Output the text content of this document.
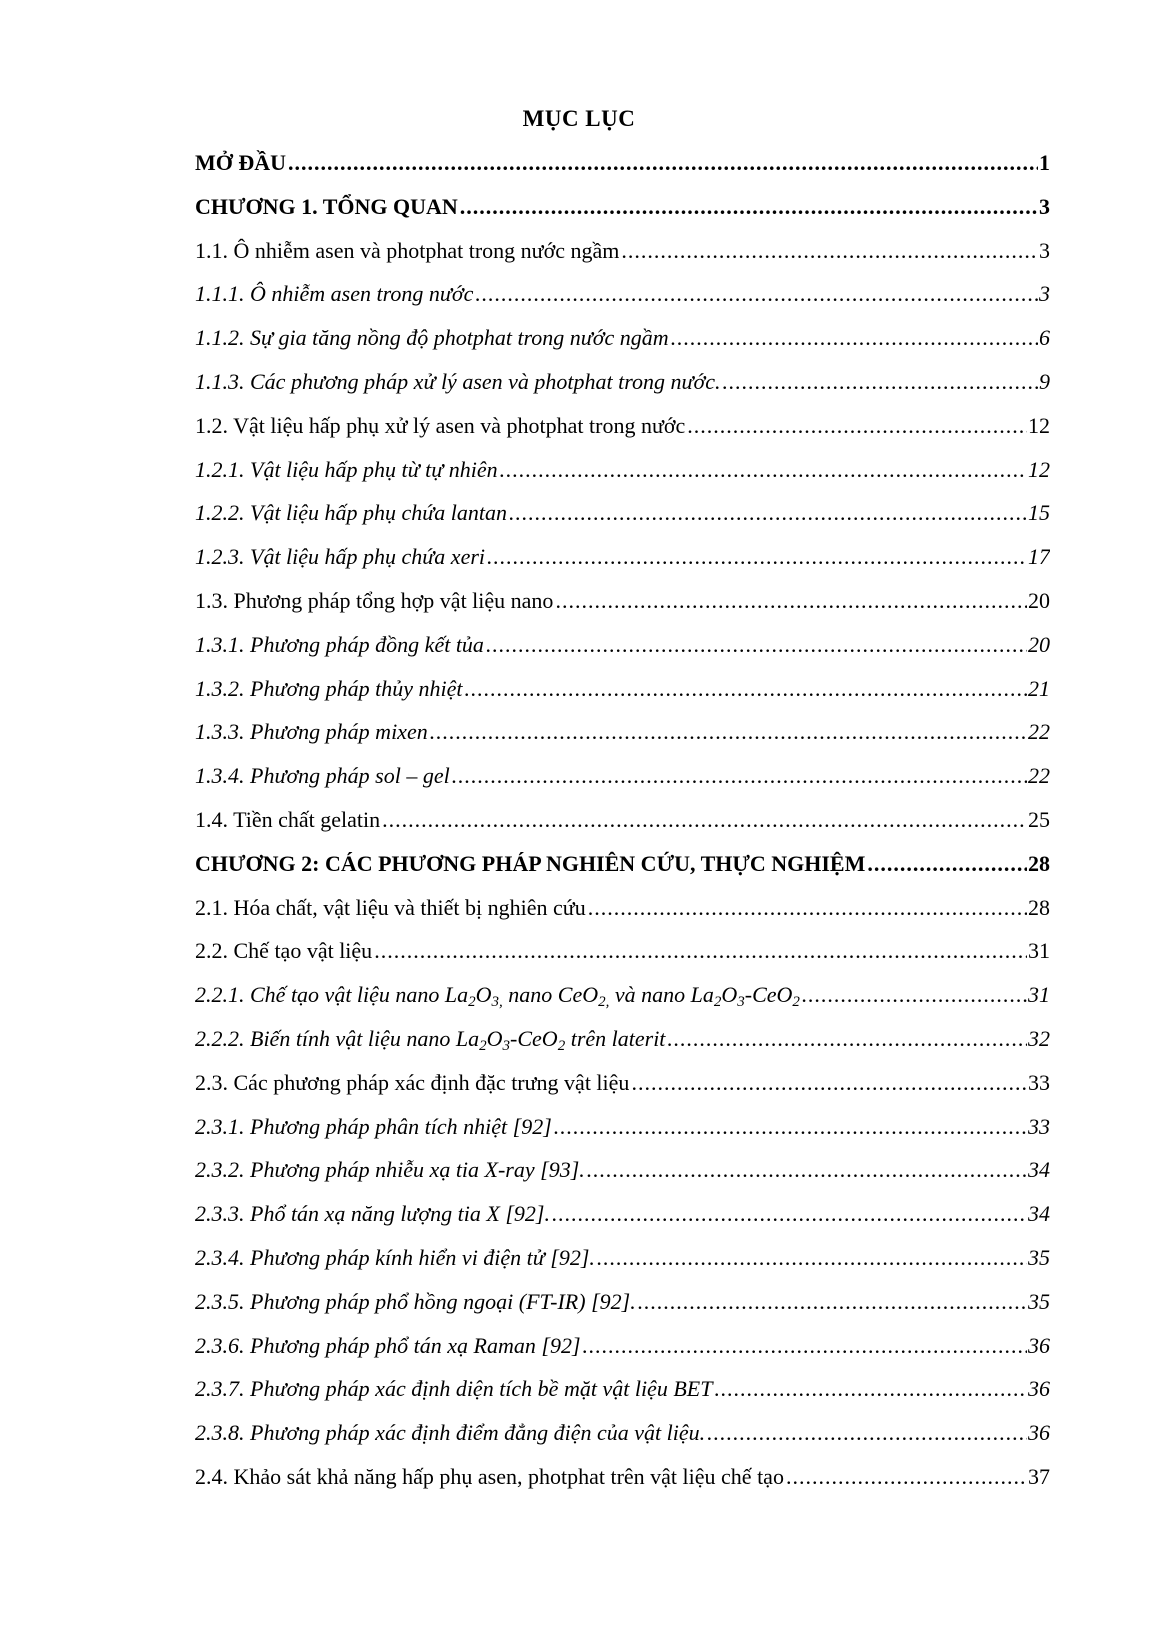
MỤC LỤC
MỞ ĐẦU .....	1
CHƯƠNG 1. TỔNG QUAN .....	3
1.1. Ô nhiễm asen và photphat trong nước ngầm .....	3
1.1.1. Ô nhiễm asen trong nước .....	3
1.1.2. Sự gia tăng nồng độ photphat trong nước ngầm .....	6
1.1.3. Các phương pháp xử lý asen và photphat trong nước. .....	9
1.2. Vật liệu hấp phụ xử lý asen và photphat trong nước .....	12
1.2.1. Vật liệu hấp phụ từ tự nhiên .....	12
1.2.2. Vật liệu hấp phụ chứa lantan .....	15
1.2.3. Vật liệu hấp phụ chứa xeri .....	17
1.3. Phương pháp tổng hợp vật liệu nano .....	20
1.3.1. Phương pháp đồng kết tủa .....	20
1.3.2. Phương pháp thủy nhiệt .....	21
1.3.3. Phương pháp mixen .....	22
1.3.4. Phương pháp sol – gel .....	22
1.4. Tiền chất gelatin .....	25
CHƯƠNG 2: CÁC PHƯƠNG PHÁP NGHIÊN CỨU, THỰC NGHIỆM .....	28
2.1. Hóa chất, vật liệu và thiết bị nghiên cứu .....	28
2.2. Chế tạo vật liệu .....	31
2.2.1. Chế tạo vật liệu nano $La_2O_{3,}$ nano CeO$_{2,}$ và nano $La_2O_3-CeO_2$ .....	31
2.2.2. Biến tính vật liệu nano $La_2O_3-CeO_2$ trên laterit .....	32
2.3. Các phương pháp xác định đặc trưng vật liệu .....	33
2.3.1. Phương pháp phân tích nhiệt [92] .....	33
2.3.2. Phương pháp nhiễu xạ tia X-ray [93]. .....	34
2.3.3. Phổ tán xạ năng lượng tia X [92]. .....	34
2.3.4. Phương pháp kính hiển vi điện tử [92]. .....	35
2.3.5. Phương pháp phổ hồng ngoại (FT-IR) [92]. .....	35
2.3.6. Phương pháp phổ tán xạ Raman [92] .....	36
2.3.7. Phương pháp xác định diện tích bề mặt vật liệu BET .....	36
2.3.8. Phương pháp xác định điểm đẳng điện của vật liệu. .....	36
2.4. Khảo sát khả năng hấp phụ asen, photphat trên vật liệu chế tạo .....	37
